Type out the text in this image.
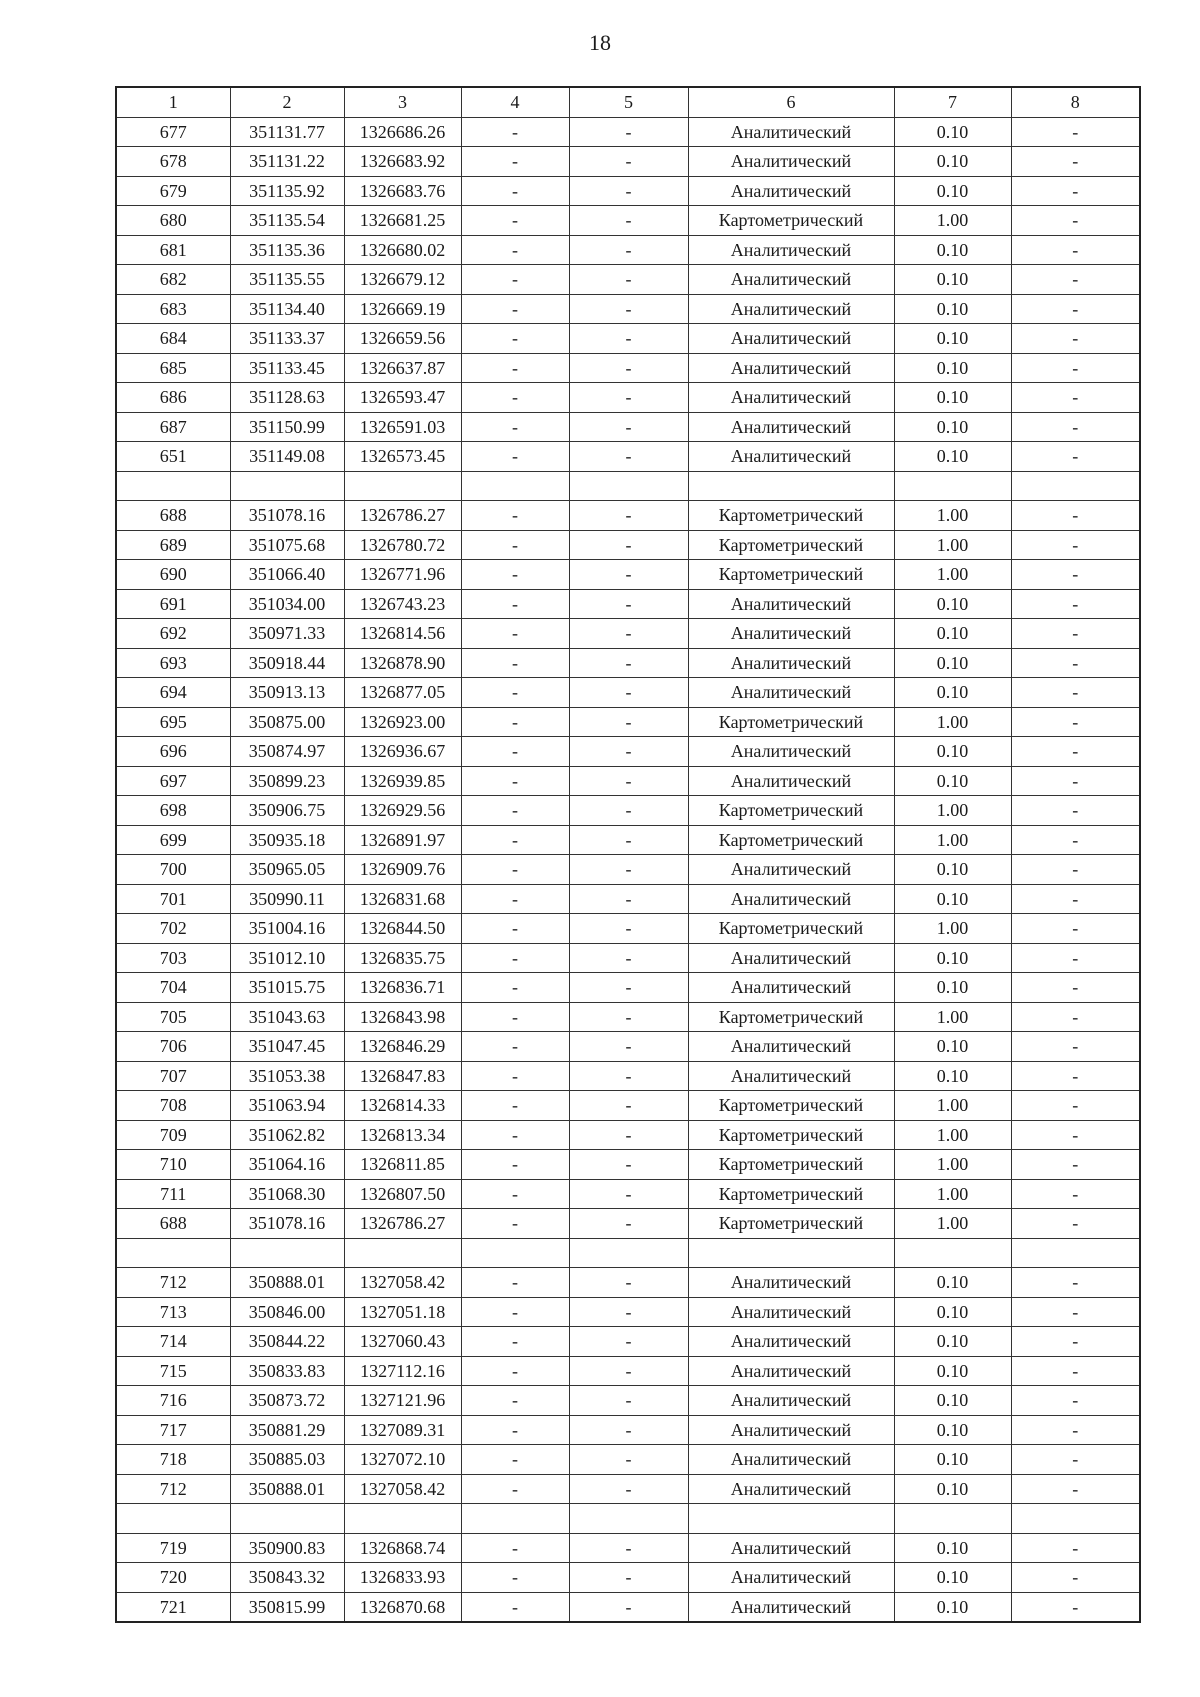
18
1	2	3	4	5	6	7	8
677	351131.77	1326686.26	-	-	Аналитический	0.10	-
678	351131.22	1326683.92	-	-	Аналитический	0.10	-
679	351135.92	1326683.76	-	-	Аналитический	0.10	-
680	351135.54	1326681.25	-	-	Картометрический	1.00	-
681	351135.36	1326680.02	-	-	Аналитический	0.10	-
682	351135.55	1326679.12	-	-	Аналитический	0.10	-
683	351134.40	1326669.19	-	-	Аналитический	0.10	-
684	351133.37	1326659.56	-	-	Аналитический	0.10	-
685	351133.45	1326637.87	-	-	Аналитический	0.10	-
686	351128.63	1326593.47	-	-	Аналитический	0.10	-
687	351150.99	1326591.03	-	-	Аналитический	0.10	-
651	351149.08	1326573.45	-	-	Аналитический	0.10	-

688	351078.16	1326786.27	-	-	Картометрический	1.00	-
689	351075.68	1326780.72	-	-	Картометрический	1.00	-
690	351066.40	1326771.96	-	-	Картометрический	1.00	-
691	351034.00	1326743.23	-	-	Аналитический	0.10	-
692	350971.33	1326814.56	-	-	Аналитический	0.10	-
693	350918.44	1326878.90	-	-	Аналитический	0.10	-
694	350913.13	1326877.05	-	-	Аналитический	0.10	-
695	350875.00	1326923.00	-	-	Картометрический	1.00	-
696	350874.97	1326936.67	-	-	Аналитический	0.10	-
697	350899.23	1326939.85	-	-	Аналитический	0.10	-
698	350906.75	1326929.56	-	-	Картометрический	1.00	-
699	350935.18	1326891.97	-	-	Картометрический	1.00	-
700	350965.05	1326909.76	-	-	Аналитический	0.10	-
701	350990.11	1326831.68	-	-	Аналитический	0.10	-
702	351004.16	1326844.50	-	-	Картометрический	1.00	-
703	351012.10	1326835.75	-	-	Аналитический	0.10	-
704	351015.75	1326836.71	-	-	Аналитический	0.10	-
705	351043.63	1326843.98	-	-	Картометрический	1.00	-
706	351047.45	1326846.29	-	-	Аналитический	0.10	-
707	351053.38	1326847.83	-	-	Аналитический	0.10	-
708	351063.94	1326814.33	-	-	Картометрический	1.00	-
709	351062.82	1326813.34	-	-	Картометрический	1.00	-
710	351064.16	1326811.85	-	-	Картометрический	1.00	-
711	351068.30	1326807.50	-	-	Картометрический	1.00	-
688	351078.16	1326786.27	-	-	Картометрический	1.00	-

712	350888.01	1327058.42	-	-	Аналитический	0.10	-
713	350846.00	1327051.18	-	-	Аналитический	0.10	-
714	350844.22	1327060.43	-	-	Аналитический	0.10	-
715	350833.83	1327112.16	-	-	Аналитический	0.10	-
716	350873.72	1327121.96	-	-	Аналитический	0.10	-
717	350881.29	1327089.31	-	-	Аналитический	0.10	-
718	350885.03	1327072.10	-	-	Аналитический	0.10	-
712	350888.01	1327058.42	-	-	Аналитический	0.10	-

719	350900.83	1326868.74	-	-	Аналитический	0.10	-
720	350843.32	1326833.93	-	-	Аналитический	0.10	-
721	350815.99	1326870.68	-	-	Аналитический	0.10	-
